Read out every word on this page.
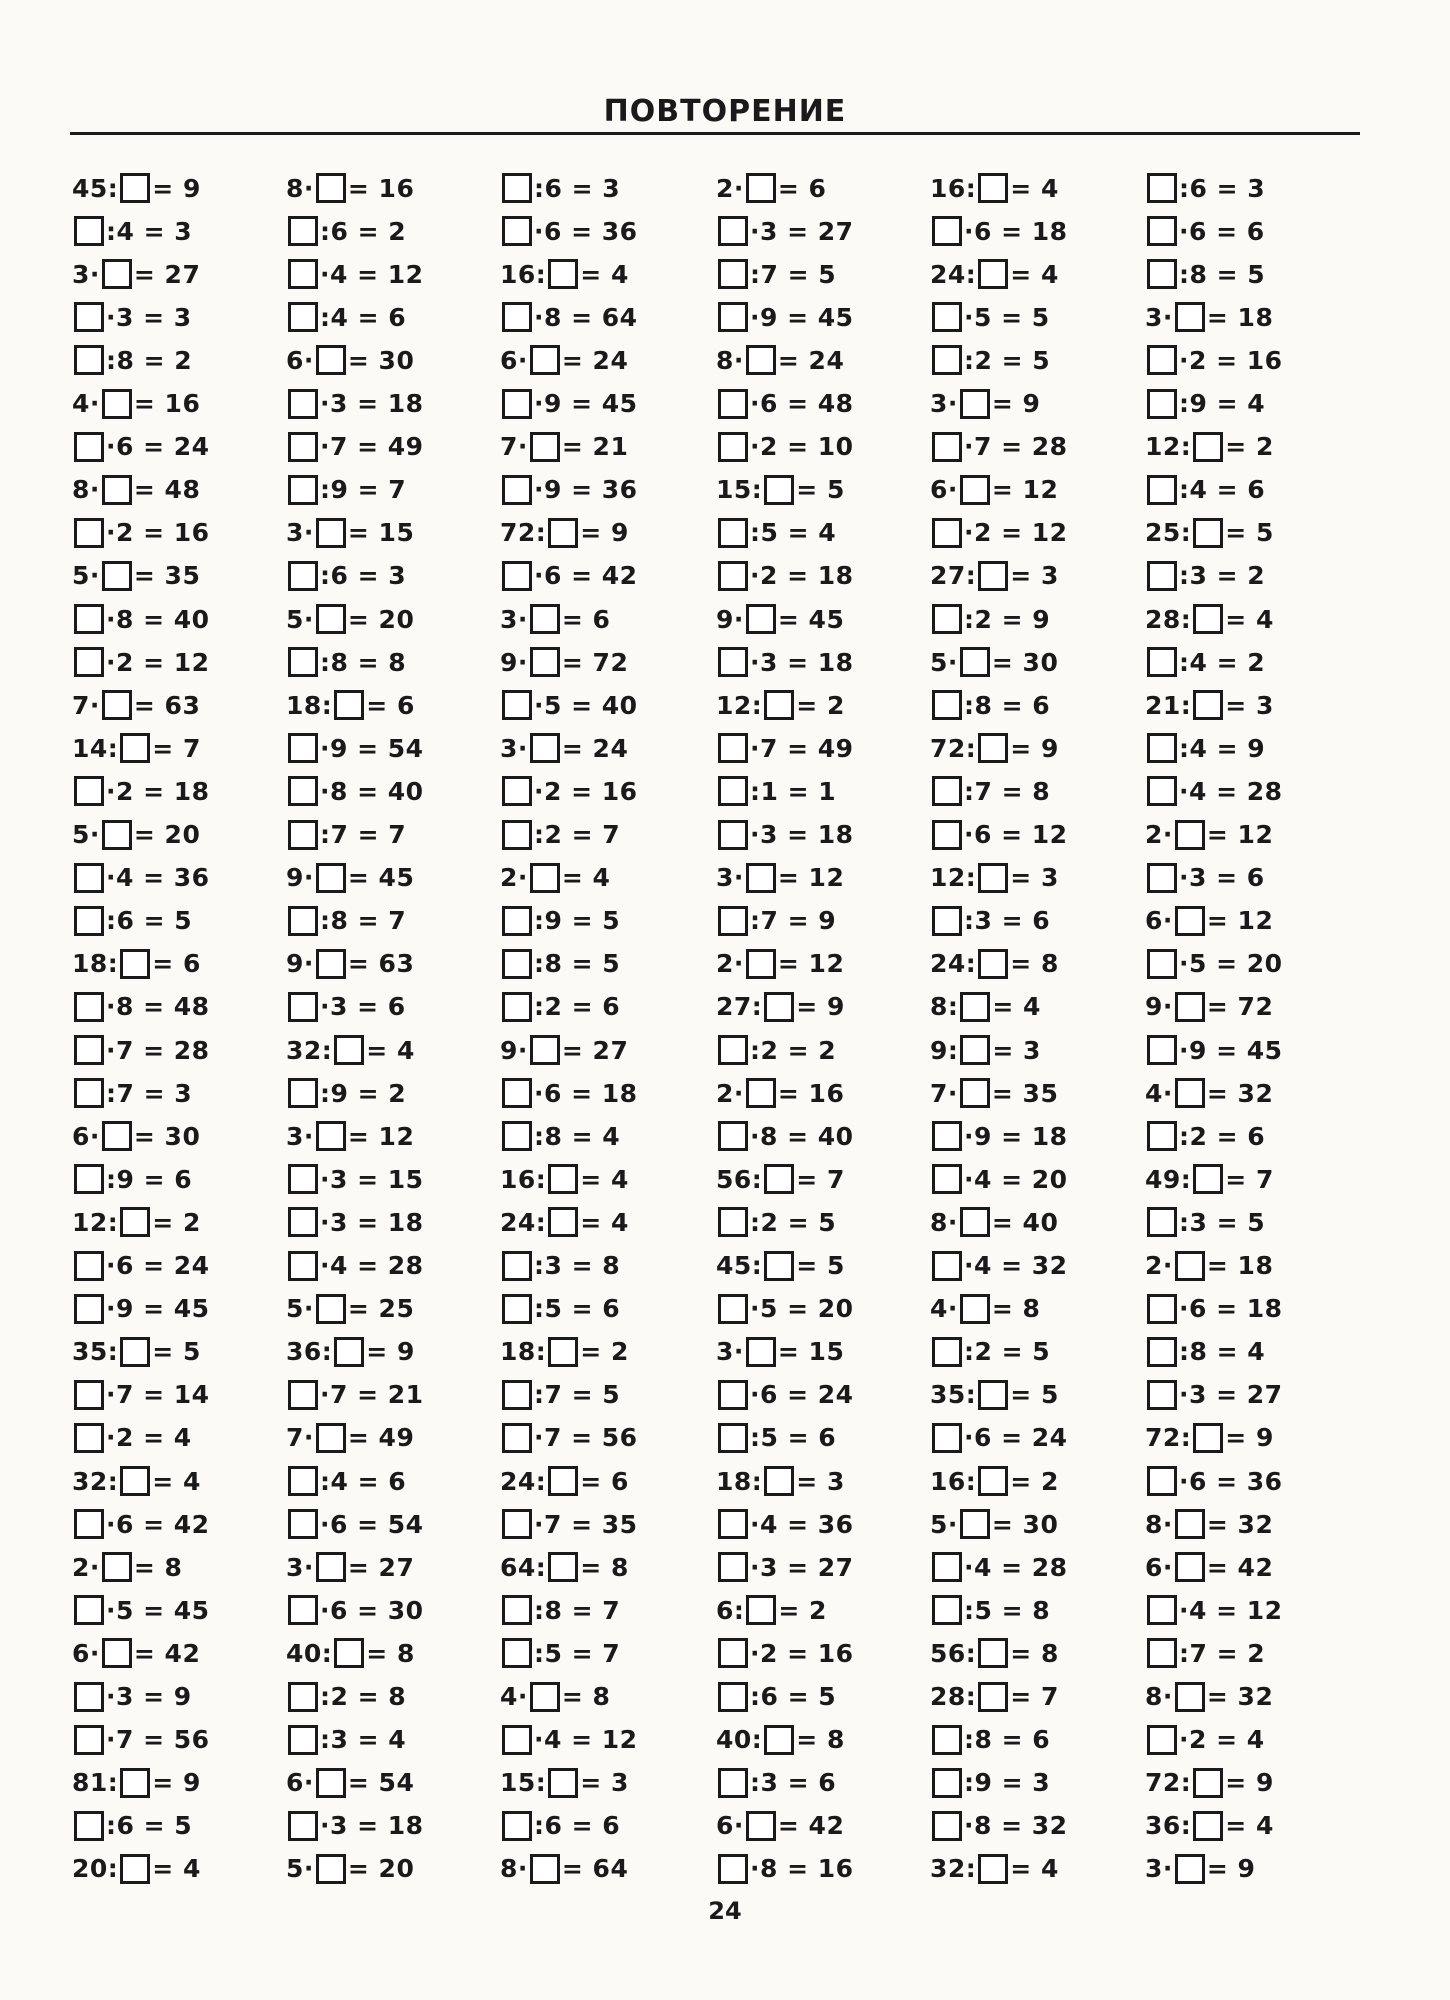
ПОВТОРЕНИЕ
45: = 9
:4 = 3
3· = 27
·3 = 3
:8 = 2
4· = 16
·6 = 24
8· = 48
·2 = 16
5· = 35
·8 = 40
·2 = 12
7· = 63
14: = 7
·2 = 18
5· = 20
·4 = 36
:6 = 5
18: = 6
·8 = 48
·7 = 28
:7 = 3
6· = 30
:9 = 6
12: = 2
·6 = 24
·9 = 45
35: = 5
·7 = 14
·2 = 4
32: = 4
·6 = 42
2· = 8
·5 = 45
6· = 42
·3 = 9
·7 = 56
81: = 9
:6 = 5
20: = 4
8· = 16
:6 = 2
·4 = 12
:4 = 6
6· = 30
·3 = 18
·7 = 49
:9 = 7
3· = 15
:6 = 3
5· = 20
:8 = 8
18: = 6
·9 = 54
·8 = 40
:7 = 7
9· = 45
:8 = 7
9· = 63
·3 = 6
32: = 4
:9 = 2
3· = 12
·3 = 15
·3 = 18
·4 = 28
5· = 25
36: = 9
·7 = 21
7· = 49
:4 = 6
·6 = 54
3· = 27
·6 = 30
40: = 8
:2 = 8
:3 = 4
6· = 54
·3 = 18
5· = 20
:6 = 3
·6 = 36
16: = 4
·8 = 64
6· = 24
·9 = 45
7· = 21
·9 = 36
72: = 9
·6 = 42
3· = 6
9· = 72
·5 = 40
3· = 24
·2 = 16
:2 = 7
2· = 4
:9 = 5
:8 = 5
:2 = 6
9· = 27
·6 = 18
:8 = 4
16: = 4
24: = 4
:3 = 8
:5 = 6
18: = 2
:7 = 5
·7 = 56
24: = 6
·7 = 35
64: = 8
:8 = 7
:5 = 7
4· = 8
·4 = 12
15: = 3
:6 = 6
8· = 64
2· = 6
·3 = 27
:7 = 5
·9 = 45
8· = 24
·6 = 48
·2 = 10
15: = 5
:5 = 4
·2 = 18
9· = 45
·3 = 18
12: = 2
·7 = 49
:1 = 1
·3 = 18
3· = 12
:7 = 9
2· = 12
27: = 9
:2 = 2
2· = 16
·8 = 40
56: = 7
:2 = 5
45: = 5
·5 = 20
3· = 15
·6 = 24
:5 = 6
18: = 3
·4 = 36
·3 = 27
6: = 2
·2 = 16
:6 = 5
40: = 8
:3 = 6
6· = 42
·8 = 16
16: = 4
·6 = 18
24: = 4
·5 = 5
:2 = 5
3· = 9
·7 = 28
6· = 12
·2 = 12
27: = 3
:2 = 9
5· = 30
:8 = 6
72: = 9
:7 = 8
·6 = 12
12: = 3
:3 = 6
24: = 8
8: = 4
9: = 3
7· = 35
·9 = 18
·4 = 20
8· = 40
·4 = 32
4· = 8
:2 = 5
35: = 5
·6 = 24
16: = 2
5· = 30
·4 = 28
:5 = 8
56: = 8
28: = 7
:8 = 6
:9 = 3
·8 = 32
32: = 4
:6 = 3
·6 = 6
:8 = 5
3· = 18
·2 = 16
:9 = 4
12: = 2
:4 = 6
25: = 5
:3 = 2
28: = 4
:4 = 2
21: = 3
:4 = 9
·4 = 28
2· = 12
·3 = 6
6· = 12
·5 = 20
9· = 72
·9 = 45
4· = 32
:2 = 6
49: = 7
:3 = 5
2· = 18
·6 = 18
:8 = 4
·3 = 27
72: = 9
·6 = 36
8· = 32
6· = 42
·4 = 12
:7 = 2
8· = 32
·2 = 4
72: = 9
36: = 4
3· = 9
24
